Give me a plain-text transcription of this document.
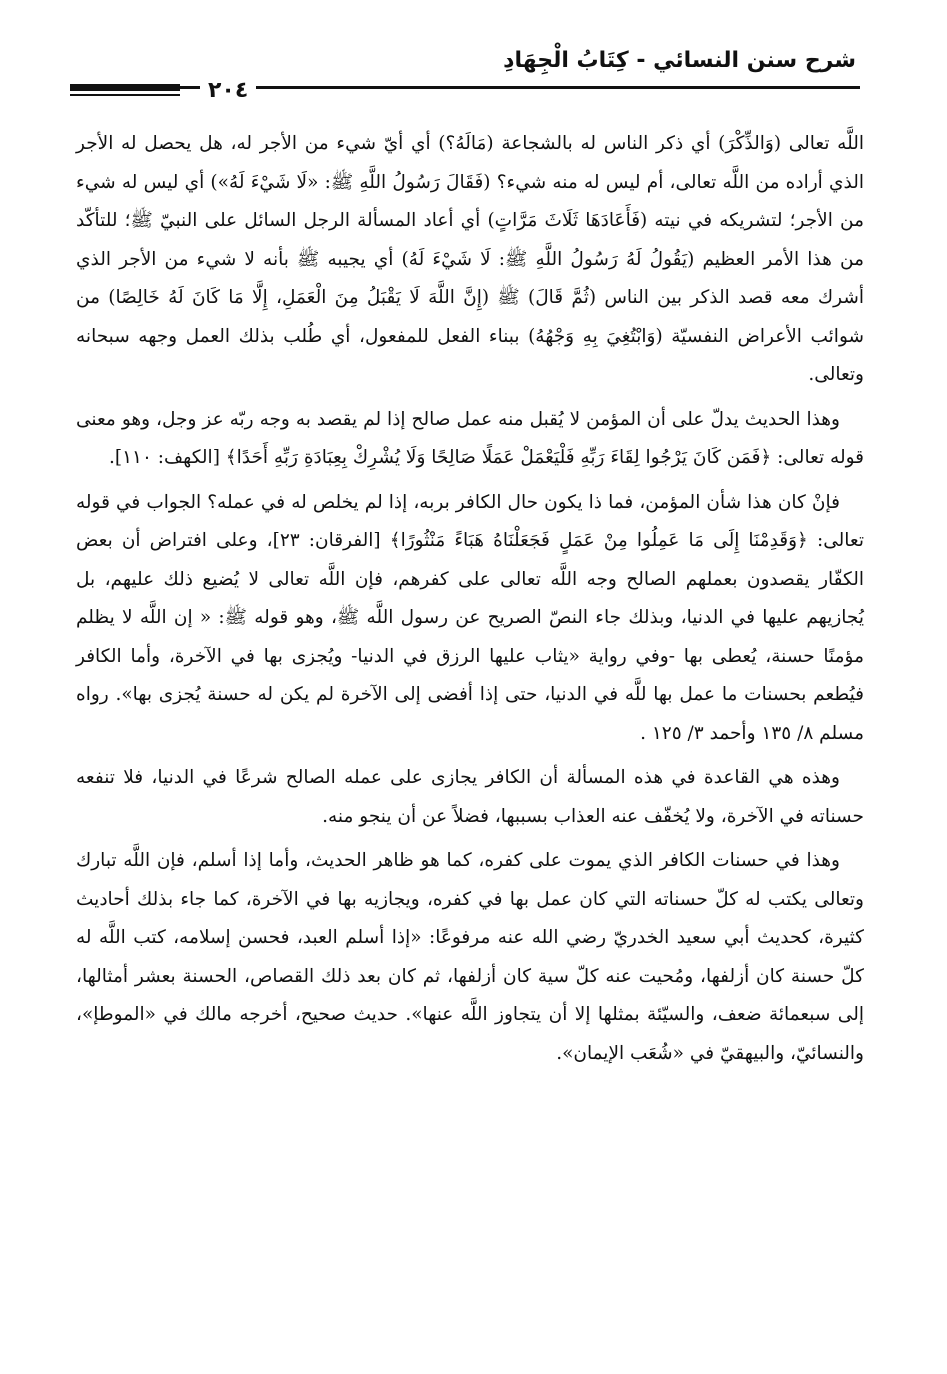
شرح سنن النسائي - كِتَابُ الْجِهَادِ
٢٠٤

اللَّه تعالى (وَالذِّكْرَ) أي ذكر الناس له بالشجاعة (مَالَهُ؟) أي أيّ شيء من الأجر له، هل يحصل له الأجر الذي أراده من اللَّه تعالى، أم ليس له منه شيء؟ (فَقَالَ رَسُولُ اللَّهِ ﷺ: «لَا شَيْءَ لَهُ») أي ليس له شيء من الأجر؛ لتشريكه في نيته (فَأَعَادَهَا ثَلَاثَ مَرَّاتٍ) أي أعاد المسألة الرجل السائل على النبيّ ﷺ؛ للتأكّد من هذا الأمر العظيم (يَقُولُ لَهُ رَسُولُ اللَّهِ ﷺ: لَا شَيْءَ لَهُ) أي يجيبه ﷺ بأنه لا شيء من الأجر الذي أشرك معه قصد الذكر بين الناس (ثُمَّ قَالَ) ﷺ (إِنَّ اللَّهَ لَا يَقْبَلُ مِنَ الْعَمَلِ، إِلَّا مَا كَانَ لَهُ خَالِصًا) من شوائب الأعراض النفسيّة (وَابْتُغِيَ بِهِ وَجْهُهُ) ببناء الفعل للمفعول، أي طُلب بذلك العمل وجهه سبحانه وتعالى.

وهذا الحديث يدلّ على أن المؤمن لا يُقبل منه عمل صالح إذا لم يقصد به وجه ربّه عز وجل، وهو معنى قوله تعالى: ﴿فَمَن كَانَ يَرْجُوا لِقَاءَ رَبِّهِ فَلْيَعْمَلْ عَمَلًا صَالِحًا وَلَا يُشْرِكْ بِعِبَادَةِ رَبِّهِ أَحَدًا﴾ [الكهف: ١١٠].

فإنْ كان هذا شأن المؤمن، فما ذا يكون حال الكافر بربه، إذا لم يخلص له في عمله؟ الجواب في قوله تعالى: ﴿وَقَدِمْنَا إِلَى مَا عَمِلُوا مِنْ عَمَلٍ فَجَعَلْنَاهُ هَبَاءً مَنْثُورًا﴾ [الفرقان: ٢٣]، وعلى افتراض أن بعض الكفّار يقصدون بعملهم الصالح وجه اللَّه تعالى على كفرهم، فإن اللَّه تعالى لا يُضيع ذلك عليهم، بل يُجازيهم عليها في الدنيا، وبذلك جاء النصّ الصريح عن رسول اللَّه ﷺ، وهو قوله ﷺ: « إن اللَّه لا يظلم مؤمنًا حسنة، يُعطى بها -وفي رواية «يثاب عليها الرزق في الدنيا- ويُجزى بها في الآخرة، وأما الكافر فيُطعم بحسنات ما عمل بها للَّه في الدنيا، حتى إذا أفضى إلى الآخرة لم يكن له حسنة يُجزى بها». رواه مسلم ٨/ ١٣٥ وأحمد ٣/ ١٢٥ .

وهذه هي القاعدة في هذه المسألة أن الكافر يجازى على عمله الصالح شرعًا في الدنيا، فلا تنفعه حسناته في الآخرة، ولا يُخفّف عنه العذاب بسببها، فضلاً عن أن ينجو منه.

وهذا في حسنات الكافر الذي يموت على كفره، كما هو ظاهر الحديث، وأما إذا أسلم، فإن اللَّه تبارك وتعالى يكتب له كلّ حسناته التي كان عمل بها في كفره، ويجازيه بها في الآخرة، كما جاء بذلك أحاديث كثيرة، كحديث أبي سعيد الخدريّ رضي الله عنه مرفوعًا: «إذا أسلم العبد، فحسن إسلامه، كتب اللَّه له كلّ حسنة كان أزلفها، ومُحيت عنه كلّ سية كان أزلفها، ثم كان بعد ذلك القصاص، الحسنة بعشر أمثالها، إلى سبعمائة ضعف، والسيّئة بمثلها إلا أن يتجاوز اللَّه عنها». حديث صحيح، أخرجه مالك في «الموطإ»، والنسائيّ، والبيهقيّ في «شُعَب الإيمان».
